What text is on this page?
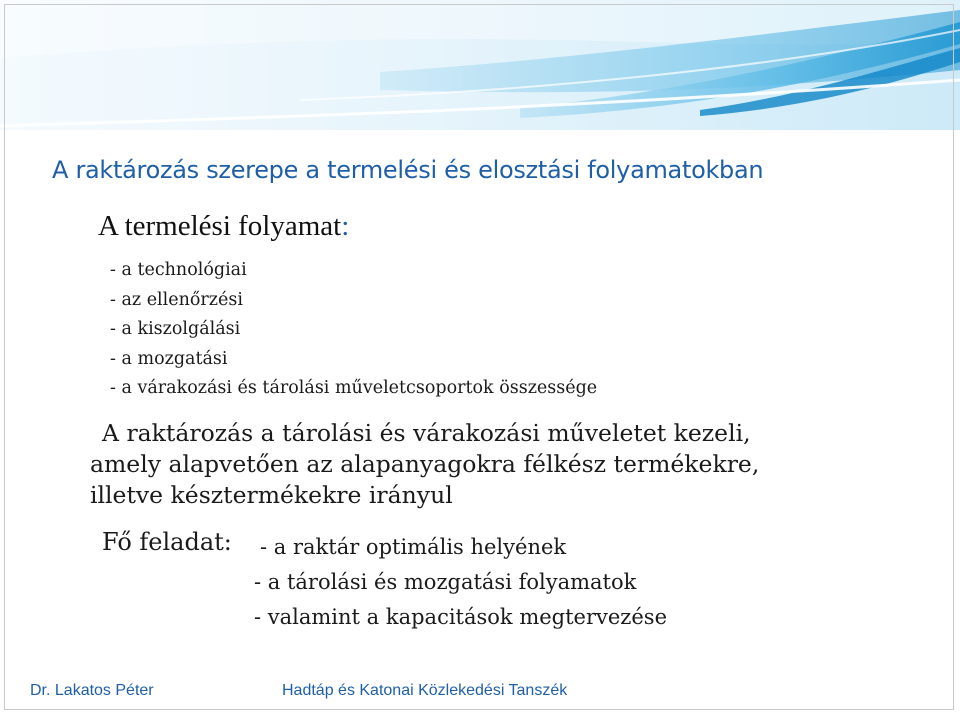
A raktározás szerepe a termelési és elosztási folyamatokban
A termelési folyamat:
- a technológiai
- az ellenőrzési
- a kiszolgálási
- a mozgatási
- a várakozási és tárolási műveletcsoportok összessége
A raktározás a tárolási és várakozási műveletet kezeli,
amely alapvetően az alapanyagokra félkész termékekre,
illetve késztermékekre irányul
Fő feladat: - a raktár optimális helyének
- a tárolási és mozgatási folyamatok
- valamint a kapacitások megtervezése
Dr. Lakatos Péter	Hadtáp és Katonai Közlekedési Tanszék
